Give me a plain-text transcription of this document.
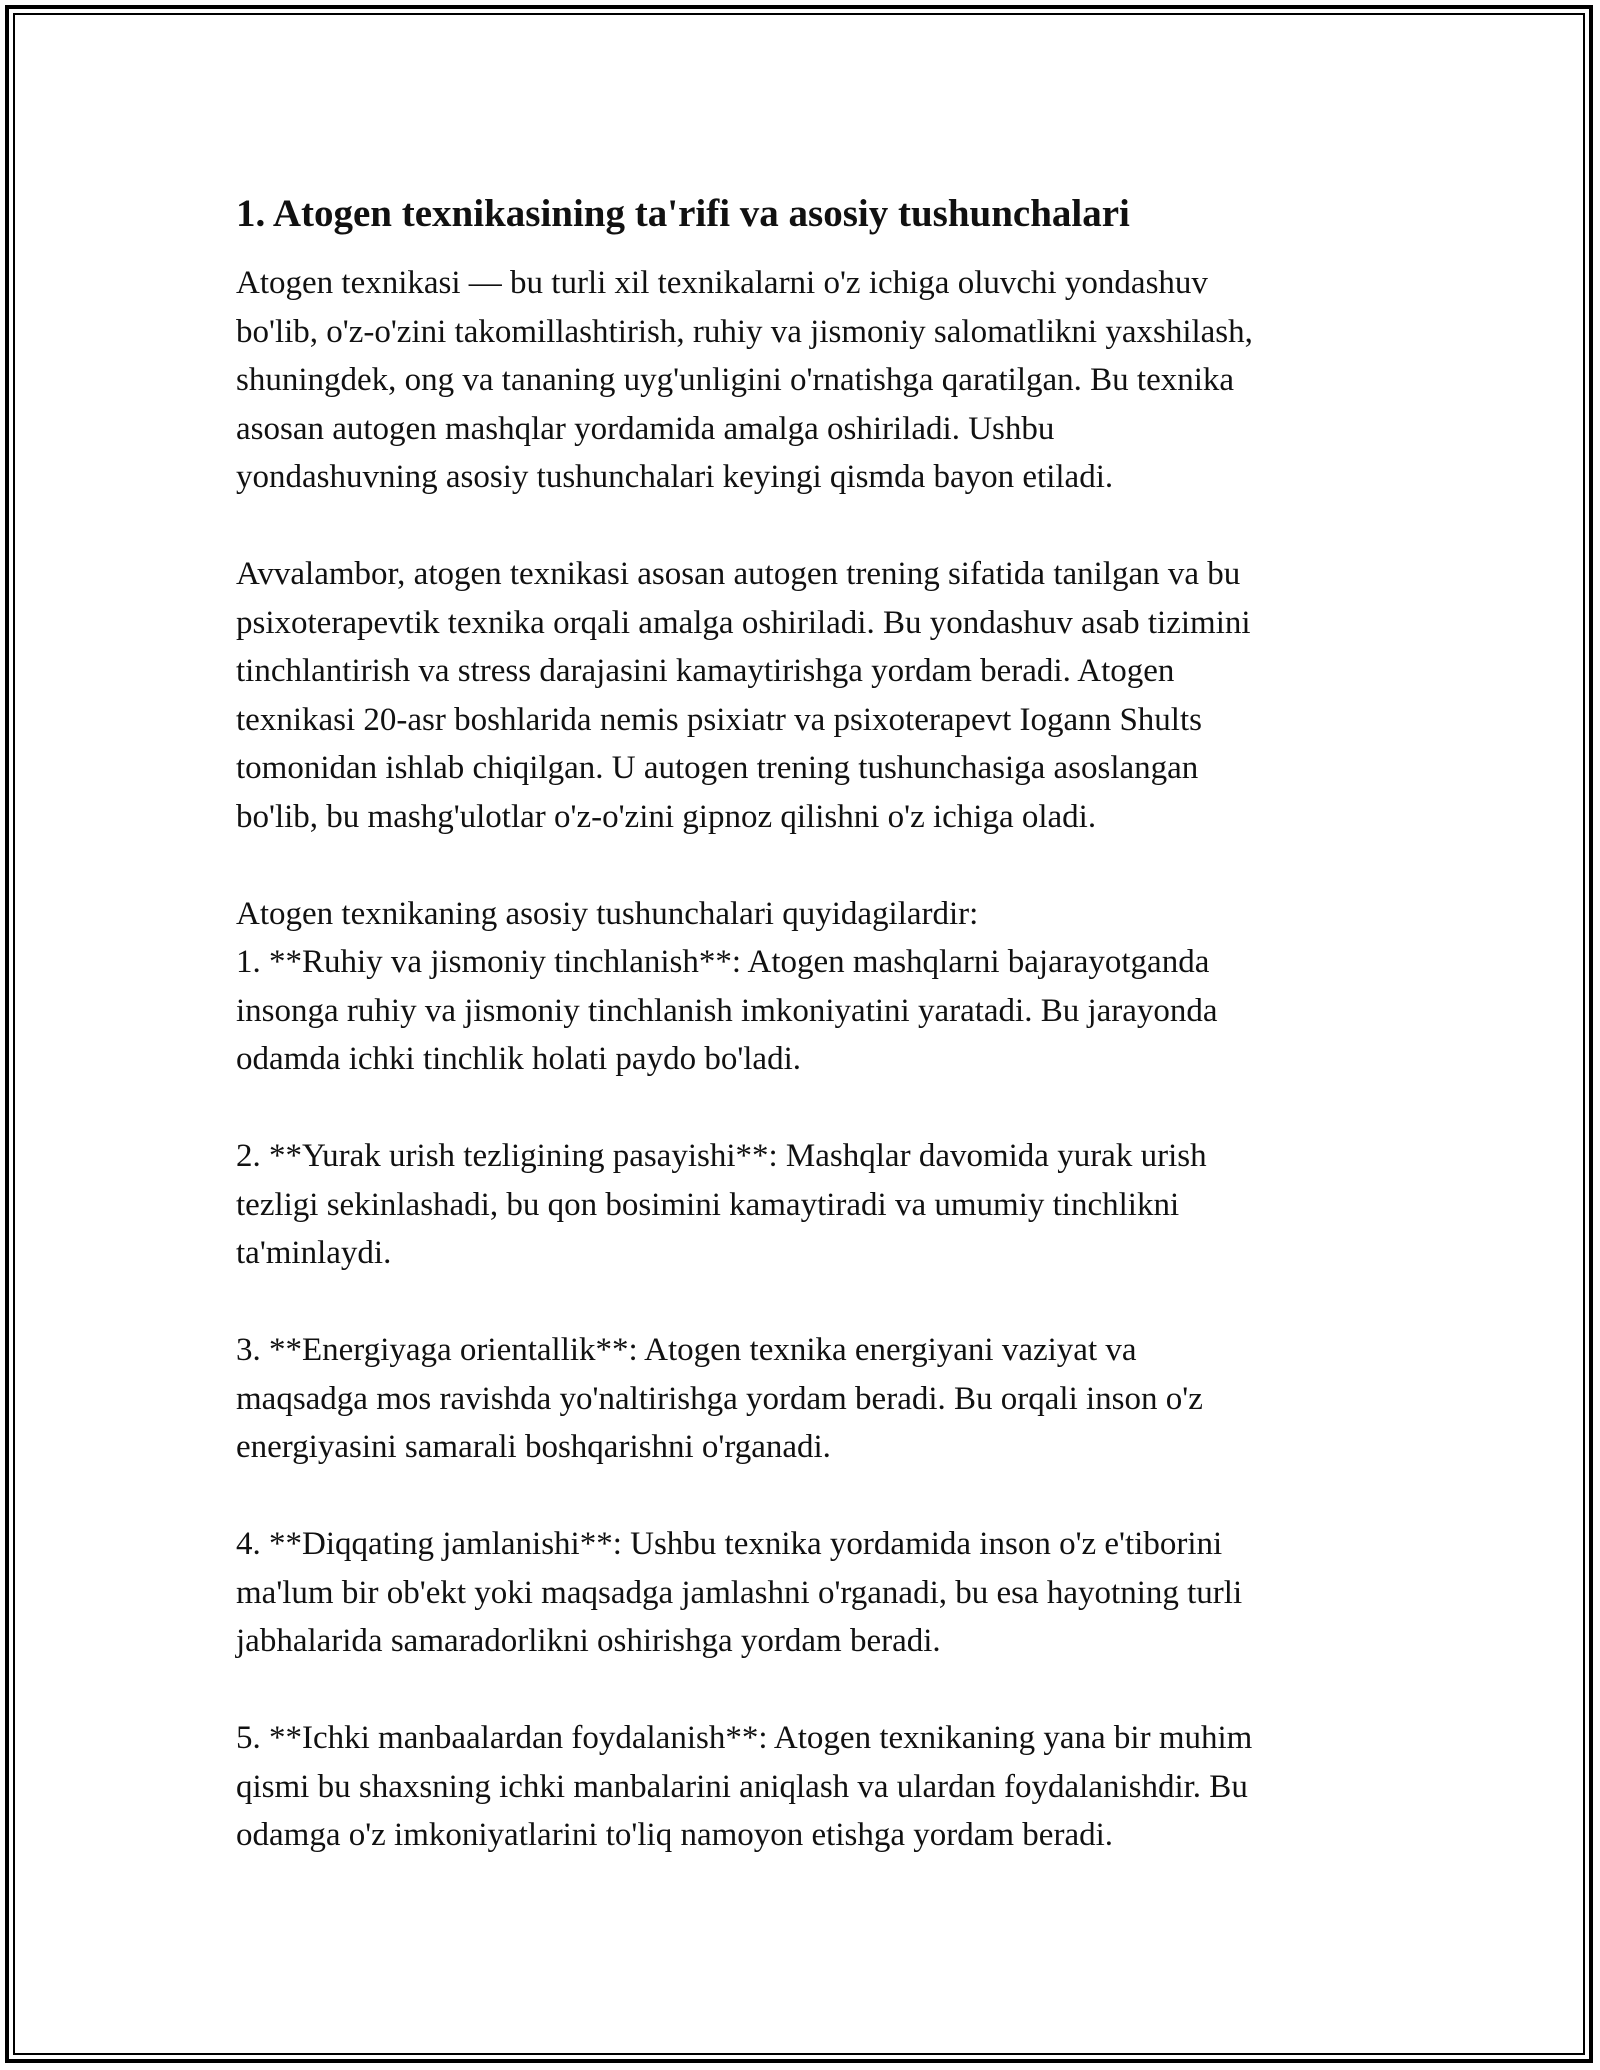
1. Atogen texnikasining ta'rifi va asosiy tushunchalari
Atogen texnikasi — bu turli xil texnikalarni o'z ichiga oluvchi yondashuv
bo'lib, o'z-o'zini takomillashtirish, ruhiy va jismoniy salomatlikni yaxshilash,
shuningdek, ong va tananing uyg'unligini o'rnatishga qaratilgan. Bu texnika
asosan autogen mashqlar yordamida amalga oshiriladi. Ushbu
yondashuvning asosiy tushunchalari keyingi qismda bayon etiladi.
Avvalambor, atogen texnikasi asosan autogen trening sifatida tanilgan va bu
psixoterapevtik texnika orqali amalga oshiriladi. Bu yondashuv asab tizimini
tinchlantirish va stress darajasini kamaytirishga yordam beradi. Atogen
texnikasi 20-asr boshlarida nemis psixiatr va psixoterapevt Iogann Shults
tomonidan ishlab chiqilgan. U autogen trening tushunchasiga asoslangan
bo'lib, bu mashg'ulotlar o'z-o'zini gipnoz qilishni o'z ichiga oladi.
Atogen texnikaning asosiy tushunchalari quyidagilardir:
1. **Ruhiy va jismoniy tinchlanish**: Atogen mashqlarni bajarayotganda
insonga ruhiy va jismoniy tinchlanish imkoniyatini yaratadi. Bu jarayonda
odamda ichki tinchlik holati paydo bo'ladi.
2. **Yurak urish tezligining pasayishi**: Mashqlar davomida yurak urish
tezligi sekinlashadi, bu qon bosimini kamaytiradi va umumiy tinchlikni
ta'minlaydi.
3. **Energiyaga orientallik**: Atogen texnika energiyani vaziyat va
maqsadga mos ravishda yo'naltirishga yordam beradi. Bu orqali inson o'z
energiyasini samarali boshqarishni o'rganadi.
4. **Diqqating jamlanishi**: Ushbu texnika yordamida inson o'z e'tiborini
ma'lum bir ob'ekt yoki maqsadga jamlashni o'rganadi, bu esa hayotning turli
jabhalarida samaradorlikni oshirishga yordam beradi.
5. **Ichki manbaalardan foydalanish**: Atogen texnikaning yana bir muhim
qismi bu shaxsning ichki manbalarini aniqlash va ulardan foydalanishdir. Bu
odamga o'z imkoniyatlarini to'liq namoyon etishga yordam beradi.
